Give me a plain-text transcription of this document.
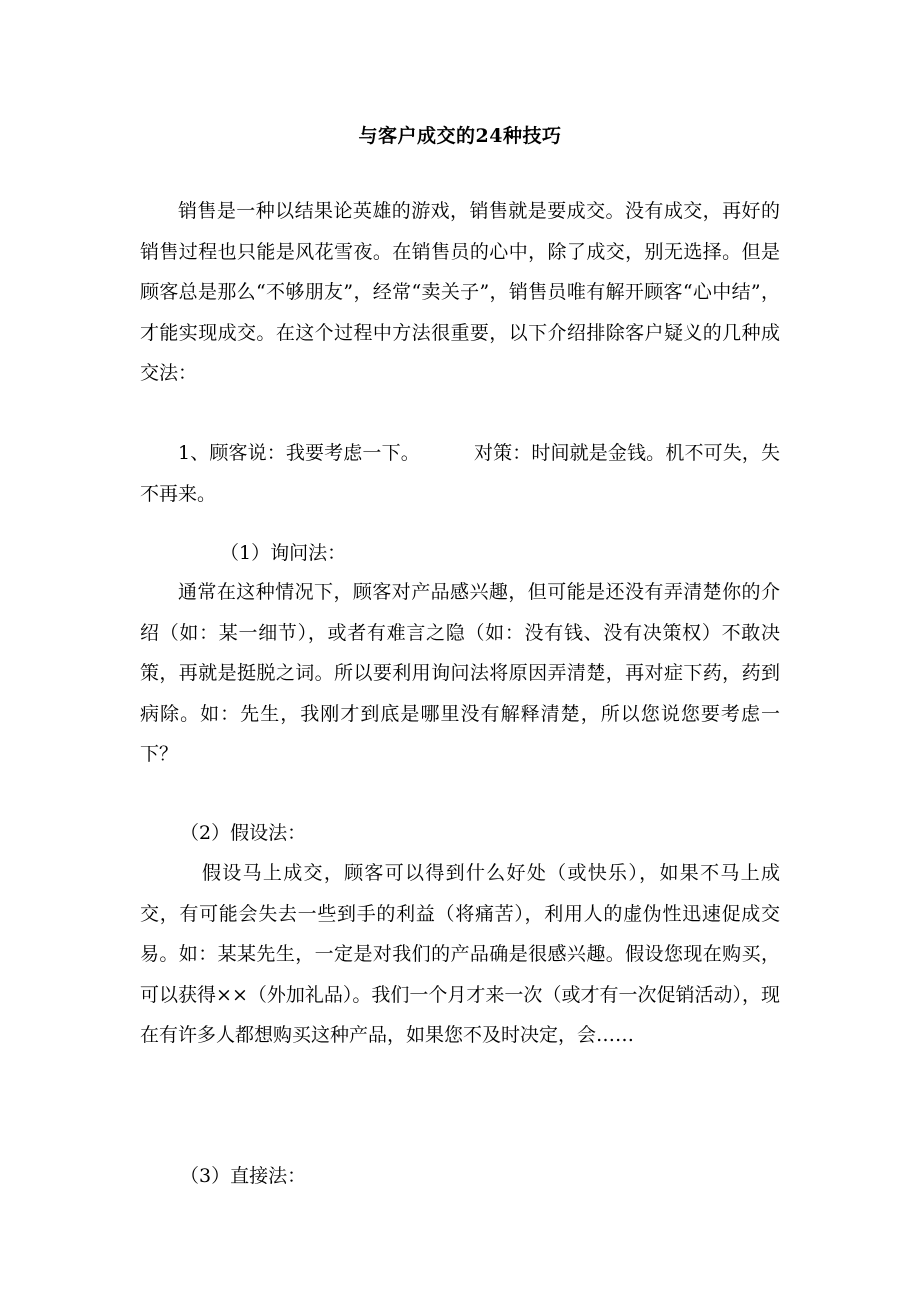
与客户成交的24种技巧

销售是一种以结果论英雄的游戏，销售就是要成交。没有成交，再好的销售过程也只能是风花雪夜。在销售员的心中，除了成交，别无选择。但是顾客总是那么“不够朋友”，经常“卖关子”，销售员唯有解开顾客“心中结”，才能实现成交。在这个过程中方法很重要，以下介绍排除客户疑义的几种成交法：

1、顾客说：我要考虑一下。	对策：时间就是金钱。机不可失，失不再来。

（1）询问法：

通常在这种情况下，顾客对产品感兴趣，但可能是还没有弄清楚你的介绍（如：某一细节），或者有难言之隐（如：没有钱、没有决策权）不敢决策，再就是挺脱之词。所以要利用询问法将原因弄清楚，再对症下药，药到病除。如：先生，我刚才到底是哪里没有解释清楚，所以您说您要考虑一下？

（2）假设法：

假设马上成交，顾客可以得到什么好处（或快乐），如果不马上成交，有可能会失去一些到手的利益（将痛苦），利用人的虚伪性迅速促成交易。如：某某先生，一定是对我们的产品确是很感兴趣。假设您现在购买，可以获得××（外加礼品）。我们一个月才来一次（或才有一次促销活动），现在有许多人都想购买这种产品，如果您不及时决定，会……

（3）直接法：
